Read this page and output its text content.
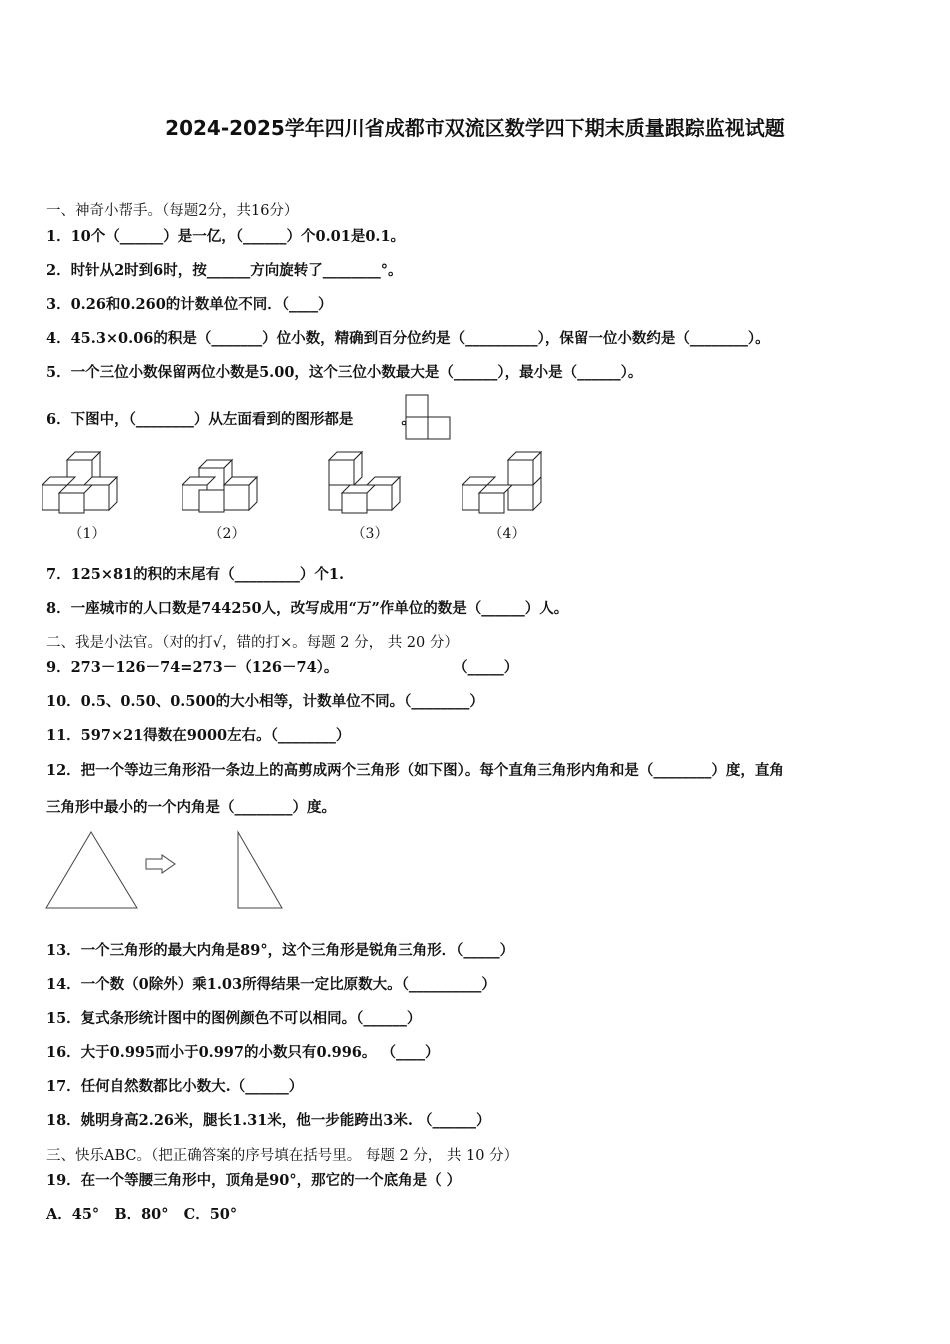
2024-2025学年四川省成都市双流区数学四下期末质量跟踪监视试题
一、神奇小帮手。（每题2分，共16分）
1．10个（______）是一亿，（______）个0.01是0.1。
2．时针从2时到6时，按______方向旋转了________°。
3．0.26和0.260的计数单位不同．（____）
4．45.3×0.06的积是（_______）位小数，精确到百分位约是（__________），保留一位小数约是（________）。
5．一个三位小数保留两位小数是5.00，这个三位小数最大是（______），最小是（______）。
6．下图中，（________）从左面看到的图形都是	。
（1）	（2）	（3）	（4）
7．125×81的积的末尾有（_________）个1.
8．一座城市的人口数是744250人，改写成用“万”作单位的数是（______）人。
二、我是小法官。（对的打√，错的打×。每题 2 分， 共 20 分）
9．273－126－74=273－（126－74）。	（_____）
10．0.5、0.50、0.500的大小相等，计数单位不同。（________）
11．597×21得数在9000左右。（________）
12．把一个等边三角形沿一条边上的高剪成两个三角形（如下图）。每个直角三角形内角和是（________）度，直角
三角形中最小的一个内角是（________）度。
13．一个三角形的最大内角是89°，这个三角形是锐角三角形．（_____）
14．一个数（0除外）乘1.03所得结果一定比原数大。（__________）
15．复式条形统计图中的图例颜色不可以相同。（______）
16．大于0.995而小于0.997的小数只有0.996。 （____）
17．任何自然数都比小数大.（______）
18．姚明身高2.26米，腿长1.31米，他一步能跨出3米. （______）
三、快乐ABC。（把正确答案的序号填在括号里。 每题 2 分， 共 10 分）
19．在一个等腰三角形中，顶角是90°，那它的一个底角是（ ）
A．45°   B．80°   C．50°
